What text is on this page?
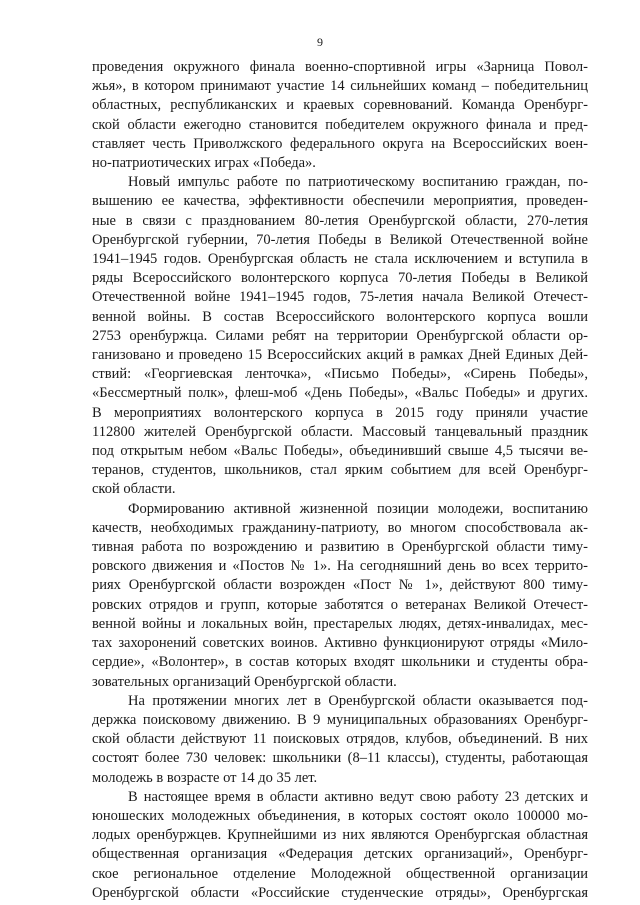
9

проведения окружного финала военно-спортивной игры «Зарница Повол-
жья», в котором принимают участие 14 сильнейших команд – победительниц
областных, республиканских и краевых соревнований. Команда Оренбург-
ской области ежегодно становится победителем окружного финала и пред-
ставляет честь Приволжского федерального округа на Всероссийских воен-
но-патриотических играх «Победа».

Новый импульс работе по патриотическому воспитанию граждан, по-
вышению ее качества, эффективности обеспечили мероприятия, проведен-
ные в связи с празднованием 80-летия Оренбургской области, 270-летия
Оренбургской губернии, 70-летия Победы в Великой Отечественной войне
1941–1945 годов. Оренбургская область не стала исключением и вступила в
ряды Всероссийского волонтерского корпуса 70-летия Победы в Великой
Отечественной войне 1941–1945 годов, 75-летия начала Великой Отечест-
венной войны. В состав Всероссийского волонтерского корпуса вошли
2753 оренбуржца. Силами ребят на территории Оренбургской области ор-
ганизовано и проведено 15 Всероссийских акций в рамках Дней Единых Дей-
ствий: «Георгиевская ленточка», «Письмо Победы», «Сирень Победы»,
«Бессмертный полк», флеш-моб «День Победы», «Вальс Победы» и других.
В мероприятиях волонтерского корпуса в 2015 году приняли участие
112800 жителей Оренбургской области. Массовый танцевальный праздник
под открытым небом «Вальс Победы», объединивший свыше 4,5 тысячи ве-
теранов, студентов, школьников, стал ярким событием для всей Оренбург-
ской области.

Формированию активной жизненной позиции молодежи, воспитанию
качеств, необходимых гражданину-патриоту, во многом способствовала ак-
тивная работа по возрождению и развитию в Оренбургской области тиму-
ровского движения и «Постов № 1». На сегодняшний день во всех террито-
риях Оренбургской области возрожден «Пост № 1», действуют 800 тиму-
ровских отрядов и групп, которые заботятся о ветеранах Великой Отечест-
венной войны и локальных войн, престарелых людях, детях-инвалидах, мес-
тах захоронений советских воинов. Активно функционируют отряды «Мило-
сердие», «Волонтер», в состав которых входят школьники и студенты обра-
зовательных организаций Оренбургской области.

На протяжении многих лет в Оренбургской области оказывается под-
держка поисковому движению. В 9 муниципальных образованиях Оренбург-
ской области действуют 11 поисковых отрядов, клубов, объединений. В них
состоят более 730 человек: школьники (8–11 классы), студенты, работающая
молодежь в возрасте от 14 до 35 лет.

В настоящее время в области активно ведут свою работу 23 детских и
юношеских молодежных объединения, в которых состоят около 100000 мо-
лодых оренбуржцев. Крупнейшими из них являются Оренбургская областная
общественная организация «Федерация детских организаций», Оренбург-
ское региональное отделение Молодежной общественной организации
Оренбургской области «Российские студенческие отряды», Оренбургская
